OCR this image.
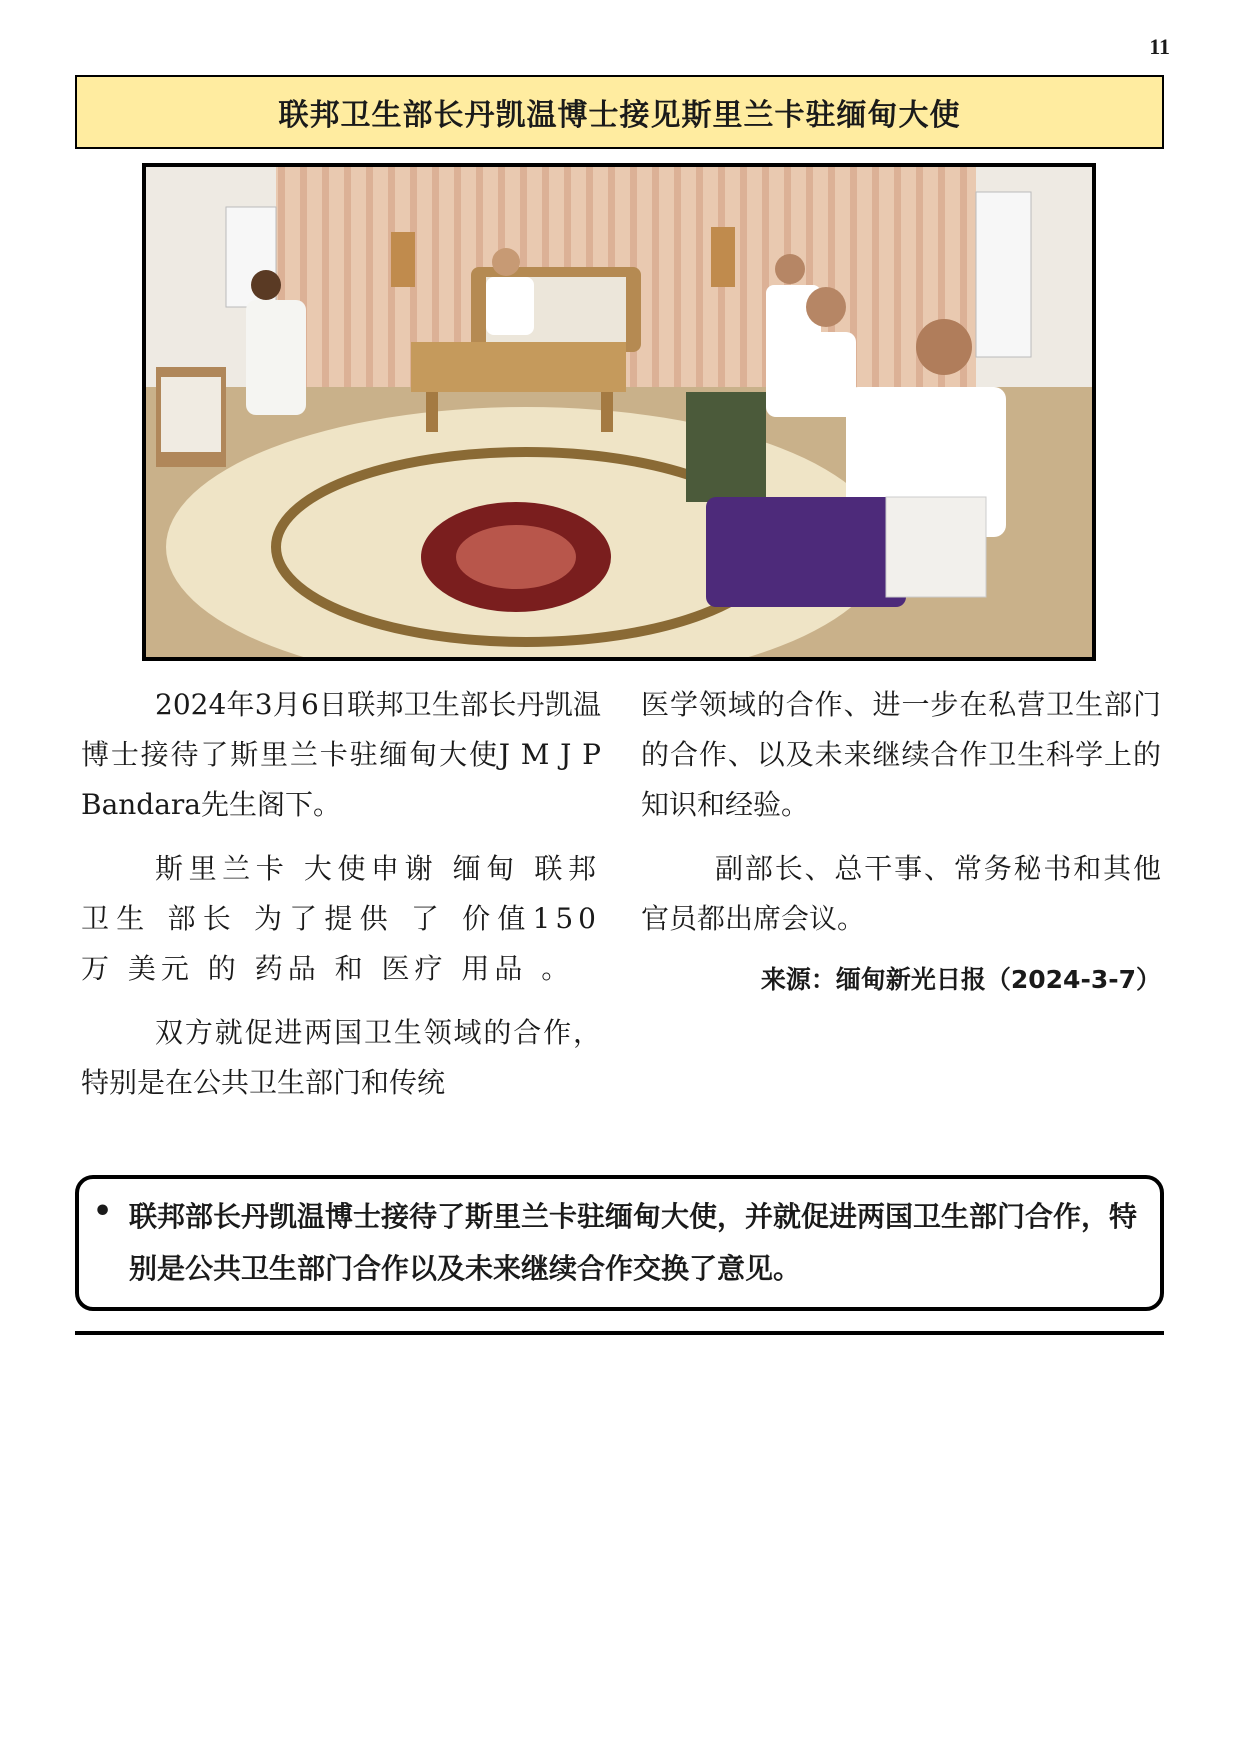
11
联邦卫生部长丹凯温博士接见斯里兰卡驻缅甸大使

2024年3月6日联邦卫生部长丹凯温博士接待了斯里兰卡驻缅甸大使J M J P Bandara先生阁下。

斯里兰卡 大使申谢 缅甸 联邦 卫生 部长 为了提供 了 价值150 万 美元 的 药品 和 医疗 用品 。

双方就促进两国卫生领域的合作，特别是在公共卫生部门和传统

医学领域的合作、进一步在私营卫生部门的合作、以及未来继续合作卫生科学上的知识和经验。

副部长、总干事、常务秘书和其他官员都出席会议。

来源：缅甸新光日报（2024-3-7）
• 联邦部长丹凯温博士接待了斯里兰卡驻缅甸大使，并就促进两国卫生部门合作，特别是公共卫生部门合作以及未来继续合作交换了意见。
